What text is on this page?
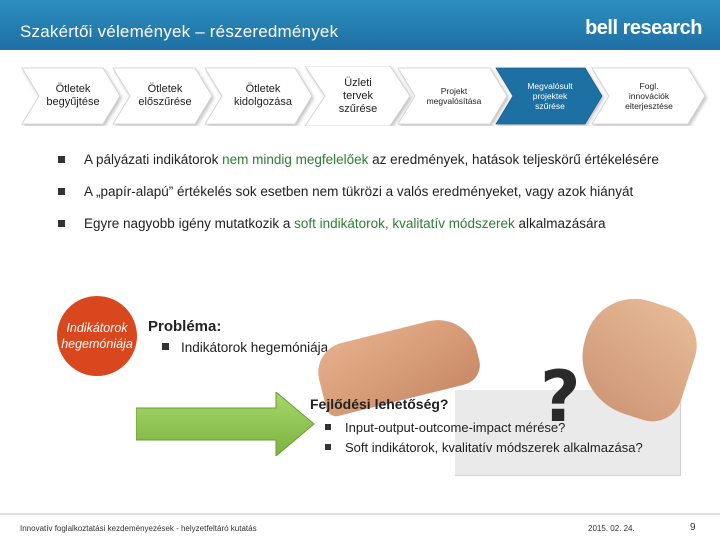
Szakértői vélemények – részeredmények	bell research
Ötletek
begyűjtése
Ötletek
előszűrése
Ötletek
kidolgozása
Üzleti
tervek
szűrése
Projekt
megvalósítása
Megvalósult
projektek
szűrése
Fogl.
innovációk
elterjesztése
A pályázati indikátorok nem mindig megfelelőek az eredmények, hatások teljeskörű értékelésére
A „papír-alapú” értékelés sok esetben nem tükrözi a valós eredményeket, vagy azok hiányát
Egyre nagyobb igény mutatkozik a soft indikátorok, kvalitatív módszerek alkalmazására
Indikátorok
hegemóniája
Probléma:
Indikátorok hegemóniája
?
Fejlődési lehetőség?
Input-output-outcome-impact mérése?
Soft indikátorok, kvalitatív módszerek alkalmazása?
Innovatív foglalkoztatási kezdeményezések - helyzetfeltáró kutatás	2015. 02. 24.	9
